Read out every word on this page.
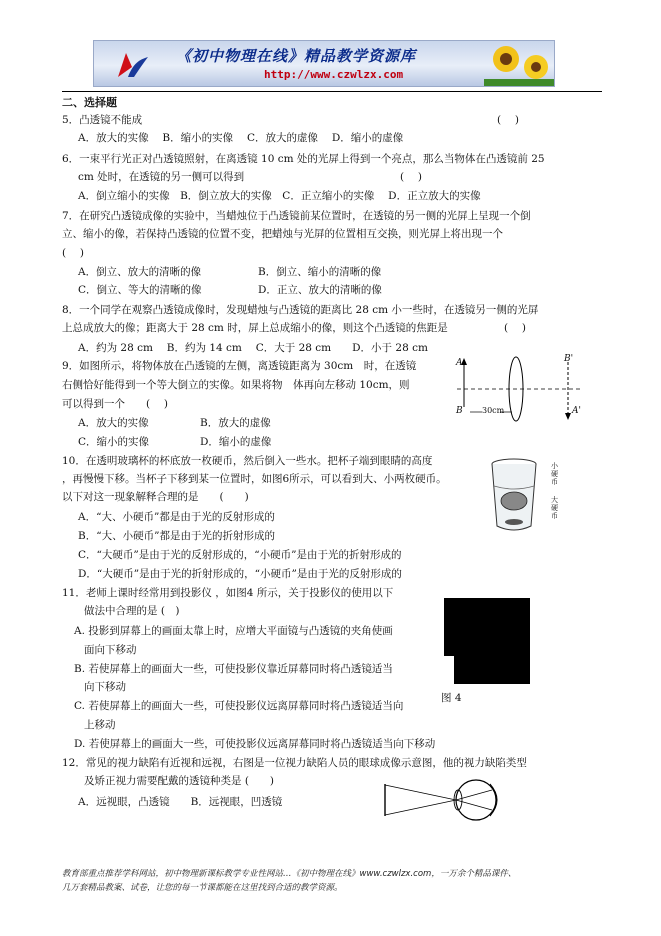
《初中物理在线》精品教学资源库
http://www.czwlzx.com
二、选择题
5．凸透镜不能成	(　 )
A．放大的实像　 B．缩小的实像　 C．放大的虚像　 D．缩小的虚像
6．一束平行光正对凸透镜照射，在离透镜 10 cm 处的光屏上得到一个亮点，那么当物体在凸透镜前 25
cm 处时，在透镜的另一侧可以得到	(　 )
A．倒立缩小的实像　B．倒立放大的实像　C．正立缩小的实像　 D．正立放大的实像
7．在研究凸透镜成像的实验中，当蜡烛位于凸透镜前某位置时，在透镜的另一侧的光屏上呈现一个倒
立、缩小的像，若保持凸透镜的位置不变，把蜡烛与光屏的位置相互交换，则光屏上将出现一个
(　 )
A．倒立、放大的清晰的像	B．倒立、缩小的清晰的像
C．倒立、等大的清晰的像	D．正立、放大的清晰的像
8．一个同学在观察凸透镜成像时，发现蜡烛与凸透镜的距离比 28 cm 小一些时，在透镜另一侧的光屏
上总成放大的像；距离大于 28 cm 时，屏上总成缩小的像，则这个凸透镜的焦距是	(　 )
A．约为 28 cm　 B．约为 14 cm　 C．大于 28 cm　　D．小于 28 cm
9．如图所示，将物体放在凸透镜的左侧，离透镜距离为 30cm　时，在透镜
右侧恰好能得到一个等大倒立的实像。如果将物　体再向左移动 10cm，则
可以得到一个　　(　 )
A．放大的实像	B．放大的虚像
C．缩小的实像	D．缩小的虚像
A
B	A'
B'
30cm
10．在透明玻璃杯的杯底放一枚硬币，然后倒入一些水。把杯子端到眼睛的高度
，再慢慢下移。当杯子下移到某一位置时，如图6所示，可以看到大、小两枚硬币。
以下对这一现象解释合理的是　　(　　)
A．“大、小硬币”都是由于光的反射形成的
B．“大、小硬币”都是由于光的折射形成的
C．“大硬币”是由于光的反射形成的，“小硬币”是由于光的折射形成的
D．“大硬币”是由于光的折射形成的，“小硬币”是由于光的反射形成的
小硬币
大硬币
11．老师上课时经常用到投影仪 ，如图4 所示，关于投影仪的使用以下
做法中合理的是 (　)
A. 投影到屏幕上的画面太靠上时，应增大平面镜与凸透镜的夹角使画
面向下移动
B. 若使屏幕上的画面大一些，可使投影仪靠近屏幕同时将凸透镜适当
向下移动
C. 若使屏幕上的画面大一些，可使投影仪远离屏幕同时将凸透镜适当向
上移动
D. 若使屏幕上的画面大一些，可使投影仪远离屏幕同时将凸透镜适当向下移动
图 4
12．常见的视力缺陷有近视和远视，右图是一位视力缺陷人员的眼球成像示意图，他的视力缺陷类型
及矫正视力需要配戴的透镜种类是 (　　)
A．远视眼，凸透镜　　B．远视眼，凹透镜
教育部重点推荐学科网站，初中物理新课标教学专业性网站…《初中物理在线》www.czwlzx.com，一万余个精品课件、
几万套精品教案、试卷，让您的每一节课都能在这里找到合适的教学资源。
